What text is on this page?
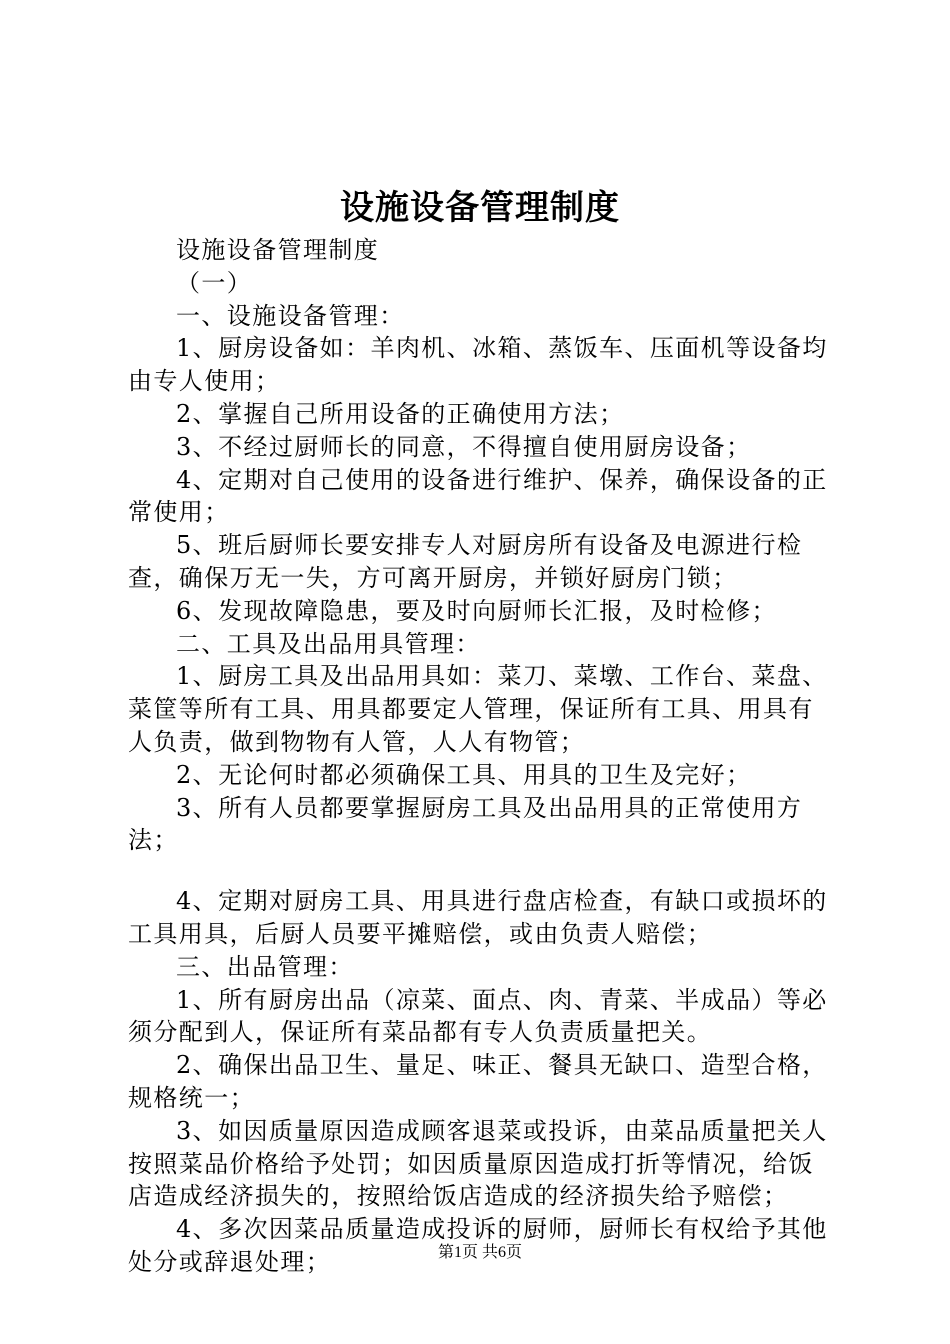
设施设备管理制度

设施设备管理制度

（一）

一、设施设备管理：

1、厨房设备如：羊肉机、冰箱、蒸饭车、压面机等设备均由专人使用；

2、掌握自己所用设备的正确使用方法；

3、不经过厨师长的同意，不得擅自使用厨房设备；

4、定期对自己使用的设备进行维护、保养，确保设备的正常使用；

5、班后厨师长要安排专人对厨房所有设备及电源进行检查，确保万无一失，方可离开厨房，并锁好厨房门锁；

6、发现故障隐患，要及时向厨师长汇报，及时检修；

二、工具及出品用具管理：

1、厨房工具及出品用具如：菜刀、菜墩、工作台、菜盘、菜筐等所有工具、用具都要定人管理，保证所有工具、用具有人负责，做到物物有人管，人人有物管；

2、无论何时都必须确保工具、用具的卫生及完好；

3、所有人员都要掌握厨房工具及出品用具的正常使用方法；

4、定期对厨房工具、用具进行盘店检查，有缺口或损坏的工具用具，后厨人员要平摊赔偿，或由负责人赔偿；

三、出品管理：

1、所有厨房出品（凉菜、面点、肉、青菜、半成品）等必须分配到人，保证所有菜品都有专人负责质量把关。

2、确保出品卫生、量足、味正、餐具无缺口、造型合格，规格统一；

3、如因质量原因造成顾客退菜或投诉，由菜品质量把关人按照菜品价格给予处罚；如因质量原因造成打折等情况，给饭店造成经济损失的，按照给饭店造成的经济损失给予赔偿；

4、多次因菜品质量造成投诉的厨师，厨师长有权给予其他处分或辞退处理；	第1页 共6页
